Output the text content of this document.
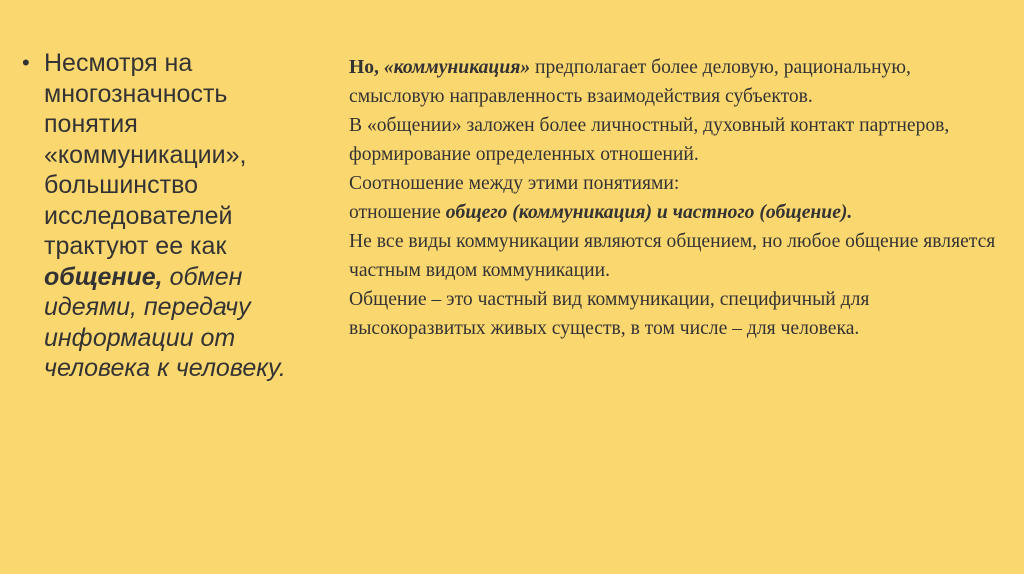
• Несмотря на многозначность понятия «коммуникации», большинство исследователей трактуют ее как общение, обмен идеями, передачу информации от человека к человеку.

Но, «коммуникация» предполагает более деловую, рациональную, смысловую направленность взаимодействия субъектов.

В «общении» заложен более личностный, духовный контакт партнеров, формирование определенных отношений.

Соотношение между этими понятиями:

отношение общего (коммуникация) и частного (общение).

Не все виды коммуникации являются общением, но любое общение является частным видом коммуникации.

Общение – это частный вид коммуникации, специфичный для высокоразвитых живых существ, в том числе – для человека.
